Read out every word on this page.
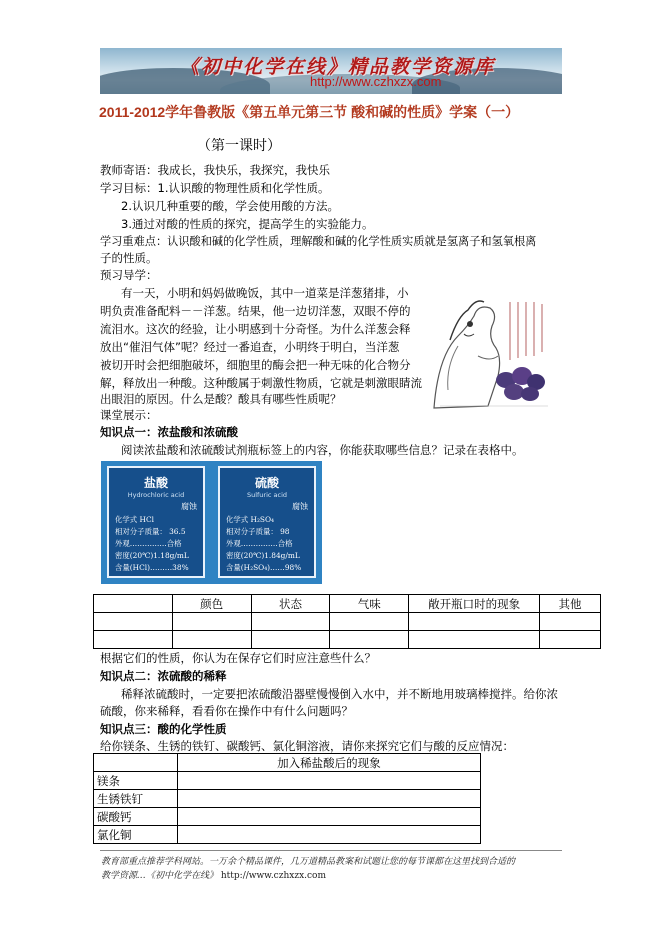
《初中化学在线》精品教学资源库
http://www.czhxzx.com
2011-2012学年鲁教版《第五单元第三节 酸和碱的性质》学案（一）
（第一课时）
教师寄语：我成长，我快乐，我探究，我快乐
学习目标：1.认识酸的物理性质和化学性质。
2.认识几种重要的酸，学会使用酸的方法。
3.通过对酸的性质的探究，提高学生的实验能力。
学习重难点：认识酸和碱的化学性质，理解酸和碱的化学性质实质就是氢离子和氢氧根离
子的性质。
预习导学：
有一天，小明和妈妈做晚饭，其中一道菜是洋葱猪排，小
明负责准备配料－－洋葱。结果，他一边切洋葱，双眼不停的
流泪水。这次的经验，让小明感到十分奇怪。为什么洋葱会释
放出“催泪气体”呢？经过一番追查，小明终于明白，当洋葱
被切开时会把细胞破坏，细胞里的酶会把一种无味的化合物分
解，释放出一种酸。这种酸属于刺激性物质，它就是刺激眼睛流
出眼泪的原因。什么是酸？酸具有哪些性质呢？
课堂展示：
知识点一：浓盐酸和浓硫酸
阅读浓盐酸和浓硫酸试剂瓶标签上的内容，你能获取哪些信息？记录在表格中。
盐酸
Hydrochloric acid
腐蚀
化学式 HCl
相对分子质量： 36.5
外观……………合格
密度(20℃)1.18g/mL
含量(HCl)………38%
硫酸
Sulfuric acid
腐蚀
化学式 H₂SO₄
相对分子质量： 98
外观……………合格
密度(20℃)1.84g/mL
含量(H₂SO₄)……98%
	颜色	状态	气味	敞开瓶口时的现象	其他

根据它们的性质，你认为在保存它们时应注意些什么？
知识点二：浓硫酸的稀释
稀释浓硫酸时，一定要把浓硫酸沿器壁慢慢倒入水中，并不断地用玻璃棒搅拌。给你浓
硫酸，你来稀释，看看你在操作中有什么问题吗？
知识点三：酸的化学性质
给你镁条、生锈的铁钉、碳酸钙、氯化铜溶液，请你来探究它们与酸的反应情况：
	加入稀盐酸后的现象
镁条	
生锈铁钉	
碳酸钙	
氯化铜	
教育部重点推荐学科网站。一万余个精品课件，几万道精品教案和试题让您的每节课都在这里找到合适的
教学资源…《初中化学在线》 http://www.czhxzx.com
